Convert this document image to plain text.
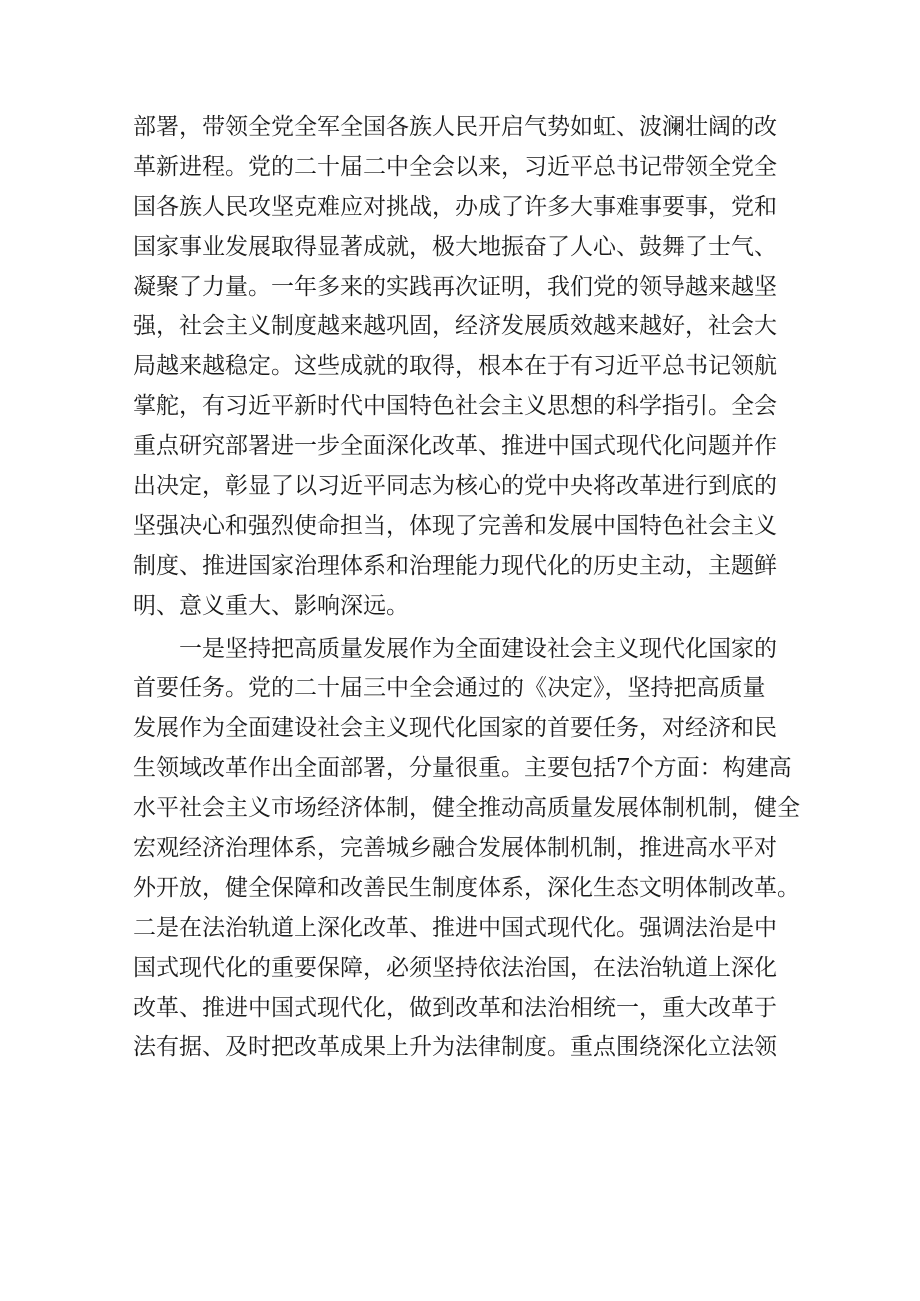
部署，带领全党全军全国各族人民开启气势如虹、波澜壮阔的改
革新进程。党的二十届二中全会以来，习近平总书记带领全党全
国各族人民攻坚克难应对挑战，办成了许多大事难事要事，党和
国家事业发展取得显著成就，极大地振奋了人心、鼓舞了士气、
凝聚了力量。一年多来的实践再次证明，我们党的领导越来越坚
强，社会主义制度越来越巩固，经济发展质效越来越好，社会大
局越来越稳定。这些成就的取得，根本在于有习近平总书记领航
掌舵，有习近平新时代中国特色社会主义思想的科学指引。全会
重点研究部署进一步全面深化改革、推进中国式现代化问题并作
出决定，彰显了以习近平同志为核心的党中央将改革进行到底的
坚强决心和强烈使命担当，体现了完善和发展中国特色社会主义
制度、推进国家治理体系和治理能力现代化的历史主动，主题鲜
明、意义重大、影响深远。
　　一是坚持把高质量发展作为全面建设社会主义现代化国家的
首要任务。党的二十届三中全会通过的《决定》，坚持把高质量
发展作为全面建设社会主义现代化国家的首要任务，对经济和民
生领域改革作出全面部署，分量很重。主要包括7个方面：构建高
水平社会主义市场经济体制，健全推动高质量发展体制机制，健全
宏观经济治理体系，完善城乡融合发展体制机制，推进高水平对
外开放，健全保障和改善民生制度体系，深化生态文明体制改革。
二是在法治轨道上深化改革、推进中国式现代化。强调法治是中
国式现代化的重要保障，必须坚持依法治国，在法治轨道上深化
改革、推进中国式现代化，做到改革和法治相统一，重大改革于
法有据、及时把改革成果上升为法律制度。重点围绕深化立法领
